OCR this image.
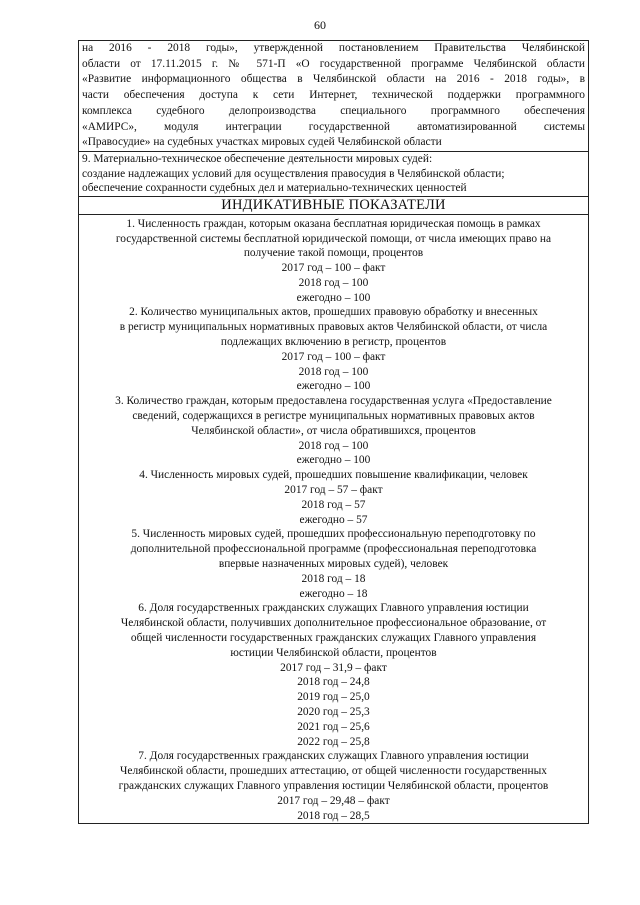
60

на 2016 - 2018 годы», утвержденной постановлением Правительства Челябинской

области от 17.11.2015 г. № 571-П «О государственной программе Челябинской области

«Развитие информационного общества в Челябинской области на 2016 - 2018 годы», в

части обеспечения доступа к сети Интернет, технической поддержки программного

комплекса судебного делопроизводства специального программного обеспечения

«АМИРС», модуля интеграции государственной автоматизированной системы

«Правосудие» на судебных участках мировых судей Челябинской области

9. Материально-техническое обеспечение деятельности мировых судей:

создание надлежащих условий для осуществления правосудия в Челябинской области;

обеспечение сохранности судебных дел и материально-технических ценностей

ИНДИКАТИВНЫЕ ПОКАЗАТЕЛИ

1. Численность граждан, которым оказана бесплатная юридическая помощь в рамках
государственной системы бесплатной юридической помощи, от числа имеющих право на
получение такой помощи, процентов

2017 год – 100 – факт

2018 год – 100

ежегодно – 100

2. Количество муниципальных актов, прошедших правовую обработку и внесенных
в регистр муниципальных нормативных правовых актов Челябинской области, от числа
подлежащих включению в регистр, процентов

2017 год – 100 – факт

2018 год – 100

ежегодно – 100

3. Количество граждан, которым предоставлена государственная услуга «Предоставление
сведений, содержащихся в регистре муниципальных нормативных правовых актов
Челябинской области», от числа обратившихся, процентов

2018 год – 100

ежегодно – 100

4. Численность мировых судей, прошедших повышение квалификации, человек

2017 год – 57 – факт

2018 год – 57

ежегодно – 57

5. Численность мировых судей, прошедших профессиональную переподготовку по
дополнительной профессиональной программе (профессиональная переподготовка
впервые назначенных мировых судей), человек

2018 год – 18

ежегодно – 18

6. Доля государственных гражданских служащих Главного управления юстиции
Челябинской области, получивших дополнительное профессиональное образование, от
общей численности государственных гражданских служащих Главного управления
юстиции Челябинской области, процентов

2017 год – 31,9 – факт

2018 год – 24,8

2019 год – 25,0

2020 год – 25,3

2021 год – 25,6

2022 год – 25,8

7. Доля государственных гражданских служащих Главного управления юстиции
Челябинской области, прошедших аттестацию, от общей численности государственных
гражданских служащих Главного управления юстиции Челябинской области, процентов

2017 год – 29,48 – факт

2018 год – 28,5
